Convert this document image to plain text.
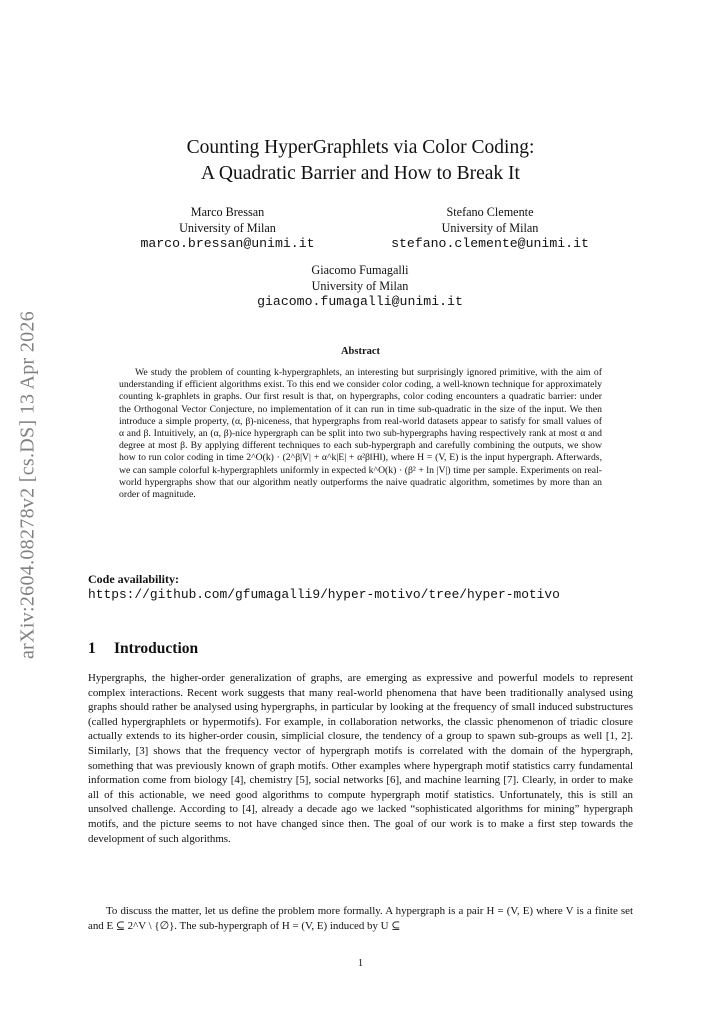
arXiv:2604.08278v2 [cs.DS] 13 Apr 2026
Counting HyperGraphlets via Color Coding:
A Quadratic Barrier and How to Break It
Marco Bressan
University of Milan
marco.bressan@unimi.it
Stefano Clemente
University of Milan
stefano.clemente@unimi.it
Giacomo Fumagalli
University of Milan
giacomo.fumagalli@unimi.it
Abstract

We study the problem of counting k-hypergraphlets, an interesting but surprisingly ignored primitive, with the aim of understanding if efficient algorithms exist. To this end we consider color coding, a well-known technique for approximately counting k-graphlets in graphs. Our first result is that, on hypergraphs, color coding encounters a quadratic barrier: under the Orthogonal Vector Conjecture, no implementation of it can run in time sub-quadratic in the size of the input. We then introduce a simple property, (α, β)-niceness, that hypergraphs from real-world datasets appear to satisfy for small values of α and β. Intuitively, an (α, β)-nice hypergraph can be split into two sub-hypergraphs having respectively rank at most α and degree at most β. By applying different techniques to each sub-hypergraph and carefully combining the outputs, we show how to run color coding in time 2^O(k) · (2^β|V| + α^k|E| + α²β‖H‖), where H = (V, E) is the input hypergraph. Afterwards, we can sample colorful k-hypergraphlets uniformly in expected k^O(k) · (β² + ln |V|) time per sample. Experiments on real-world hypergraphs show that our algorithm neatly outperforms the naive quadratic algorithm, sometimes by more than an order of magnitude.

Code availability:
https://github.com/gfumagalli9/hyper-motivo/tree/hyper-motivo
1 Introduction

Hypergraphs, the higher-order generalization of graphs, are emerging as expressive and powerful models to represent complex interactions. Recent work suggests that many real-world phenomena that have been traditionally analysed using graphs should rather be analysed using hypergraphs, in particular by looking at the frequency of small induced substructures (called hypergraphlets or hypermotifs). For example, in collaboration networks, the classic phenomenon of triadic closure actually extends to its higher-order cousin, simplicial closure, the tendency of a group to spawn sub-groups as well [1, 2]. Similarly, [3] shows that the frequency vector of hypergraph motifs is correlated with the domain of the hypergraph, something that was previously known of graph motifs. Other examples where hypergraph motif statistics carry fundamental information come from biology [4], chemistry [5], social networks [6], and machine learning [7]. Clearly, in order to make all of this actionable, we need good algorithms to compute hypergraph motif statistics. Unfortunately, this is still an unsolved challenge. According to [4], already a decade ago we lacked “sophisticated algorithms for mining” hypergraph motifs, and the picture seems to not have changed since then. The goal of our work is to make a first step towards the development of such algorithms.

To discuss the matter, let us define the problem more formally. A hypergraph is a pair H = (V, E) where V is a finite set and E ⊆ 2^V \ {∅}. The sub-hypergraph of H = (V, E) induced by U ⊆

1
